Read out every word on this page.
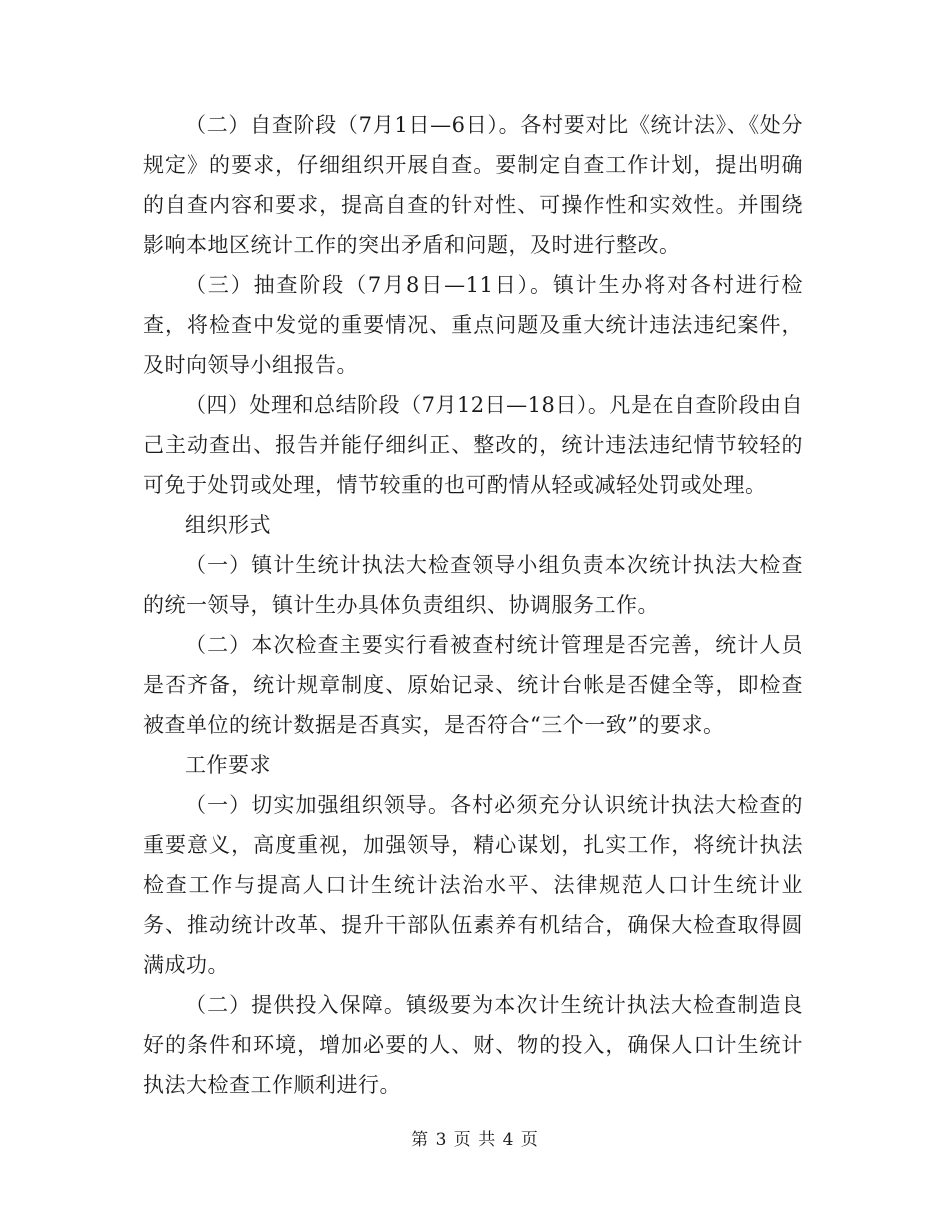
（二）自查阶段（7月1日—6日）。各村要对比《统计法》、《处分规定》的要求，仔细组织开展自查。要制定自查工作计划，提出明确的自查内容和要求，提高自查的针对性、可操作性和实效性。并围绕影响本地区统计工作的突出矛盾和问题，及时进行整改。

（三）抽查阶段（7月8日—11日）。镇计生办将对各村进行检查，将检查中发觉的重要情况、重点问题及重大统计违法违纪案件，及时向领导小组报告。

（四）处理和总结阶段（7月12日—18日）。凡是在自查阶段由自己主动查出、报告并能仔细纠正、整改的，统计违法违纪情节较轻的可免于处罚或处理，情节较重的也可酌情从轻或减轻处罚或处理。

组织形式

（一）镇计生统计执法大检查领导小组负责本次统计执法大检查的统一领导，镇计生办具体负责组织、协调服务工作。

（二）本次检查主要实行看被查村统计管理是否完善，统计人员是否齐备，统计规章制度、原始记录、统计台帐是否健全等，即检查被查单位的统计数据是否真实，是否符合“三个一致”的要求。

工作要求

（一）切实加强组织领导。各村必须充分认识统计执法大检查的重要意义，高度重视，加强领导，精心谋划，扎实工作，将统计执法检查工作与提高人口计生统计法治水平、法律规范人口计生统计业务、推动统计改革、提升干部队伍素养有机结合，确保大检查取得圆满成功。

（二）提供投入保障。镇级要为本次计生统计执法大检查制造良好的条件和环境，增加必要的人、财、物的投入，确保人口计生统计执法大检查工作顺利进行。

第 3 页 共 4 页
